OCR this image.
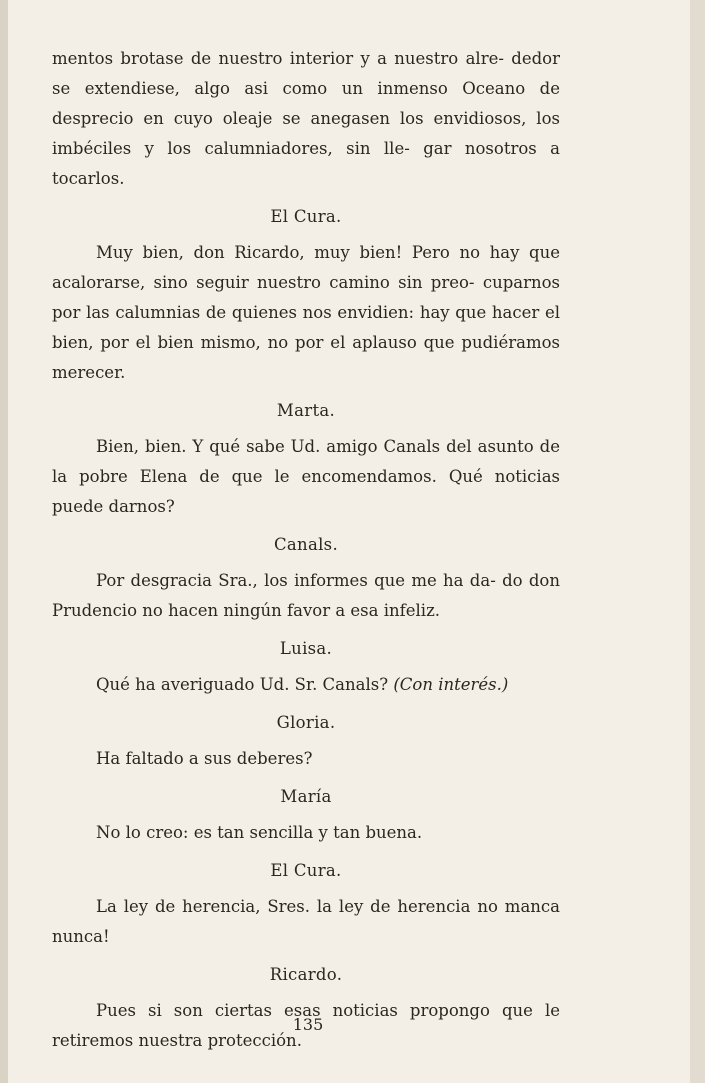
mentos brotase de nuestro interior y a nuestro alre- dedor se extendiese, algo asi como un inmenso Oceano de desprecio en cuyo oleaje se anegasen los envidiosos, los imbéciles y los calumniadores, sin lle- gar nosotros a tocarlos.

El Cura.

Muy bien, don Ricardo, muy bien! Pero no hay que acalorarse, sino seguir nuestro camino sin preo- cuparnos por las calumnias de quienes nos envidien: hay que hacer el bien, por el bien mismo, no por el aplauso que pudiéramos merecer.

Marta.

Bien, bien. Y qué sabe Ud. amigo Canals del asunto de la pobre Elena de que le encomendamos. Qué noticias puede darnos?

Canals.

Por desgracia Sra., los informes que me ha da- do don Prudencio no hacen ningún favor a esa infeliz.

Luisa.

Qué ha averiguado Ud. Sr. Canals? (Con interés.)

Gloria.

Ha faltado a sus deberes?

María

No lo creo: es tan sencilla y tan buena.

El Cura.

La ley de herencia, Sres. la ley de herencia no manca nunca!

Ricardo.

Pues si son ciertas esas noticias propongo que le retiremos nuestra protección.

135
